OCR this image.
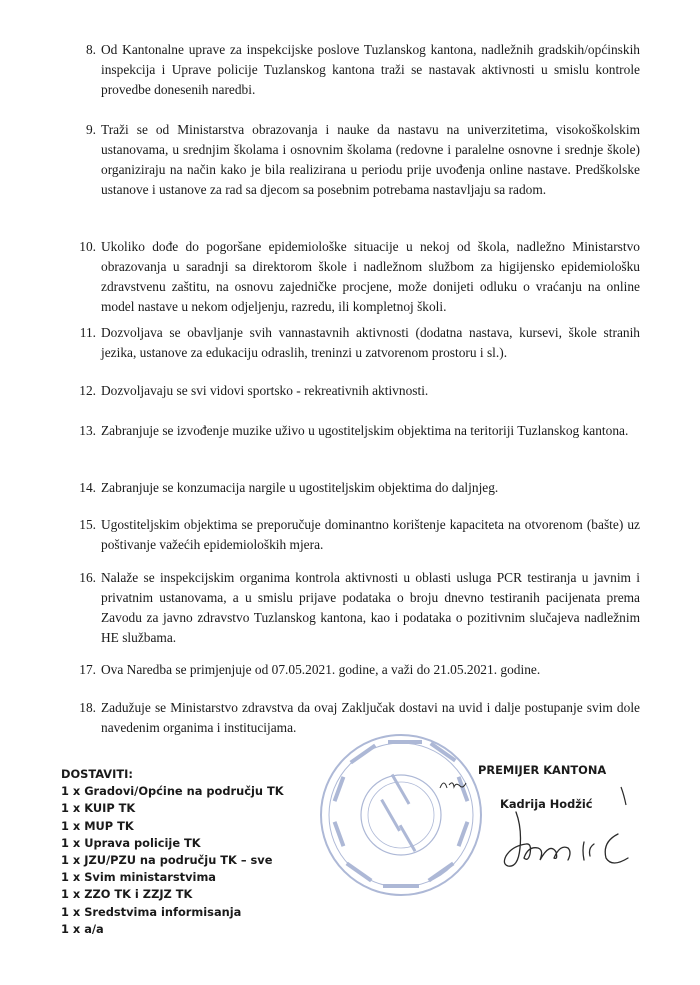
8. Od Kantonalne uprave za inspekcijske poslove Tuzlanskog kantona, nadležnih gradskih/općinskih inspekcija i Uprave policije Tuzlanskog kantona traži se nastavak aktivnosti u smislu kontrole provedbe donesenih naredbi.
9. Traži se od Ministarstva obrazovanja i nauke da nastavu na univerzitetima, visokoškolskim ustanovama, u srednjim školama i osnovnim školama (redovne i paralelne osnovne i srednje škole) organiziraju na način kako je bila realizirana u periodu prije uvođenja online nastave. Predškolske ustanove i ustanove za rad sa djecom sa posebnim potrebama nastavljaju sa radom.
10. Ukoliko dođe do pogoršane epidemiološke situacije u nekoj od škola, nadležno Ministarstvo obrazovanja u saradnji sa direktorom škole i nadležnom službom za higijensko epidemiološku zdravstvenu zaštitu, na osnovu zajedničke procjene, može donijeti odluku o vraćanju na online model nastave u nekom odjeljenju, razredu, ili kompletnoj školi.
11. Dozvoljava se obavljanje svih vannastavnih aktivnosti (dodatna nastava, kursevi, škole stranih jezika, ustanove za edukaciju odraslih, treninzi u zatvorenom prostoru i sl.).
12. Dozvoljavaju se svi vidovi sportsko - rekreativnih aktivnosti.
13. Zabranjuje se izvođenje muzike uživo u ugostiteljskim objektima na teritoriji Tuzlanskog kantona.
14. Zabranjuje se konzumacija nargile u ugostiteljskim objektima do daljnjeg.
15. Ugostiteljskim objektima se preporučuje dominantno korištenje kapaciteta na otvorenom (bašte) uz poštivanje važećih epidemioloških mjera.
16. Nalaže se inspekcijskim organima kontrola aktivnosti u oblasti usluga PCR testiranja u javnim i privatnim ustanovama, a u smislu prijave podataka o broju dnevno testiranih pacijenata prema Zavodu za javno zdravstvo Tuzlanskog kantona, kao i podataka o pozitivnim slučajeva nadležnim HE službama.
17. Ova Naredba se primjenjuje od 07.05.2021. godine, a važi do 21.05.2021. godine.
18. Zadužuje se Ministarstvo zdravstva da ovaj Zaključak dostavi na uvid i dalje postupanje svim dole navedenim organima i institucijama.
DOSTAVITI:
1 x Gradovi/Općine na području TK
1 x KUIP TK
1 x MUP TK
1 x Uprava policije TK
1 x JZU/PZU na području TK – sve
1 x Svim ministarstvima
1 x ZZO TK i ZZJZ TK
1 x Sredstvima informisanja
1 x a/a
PREMIJER KANTONA
Kadrija Hodžić
